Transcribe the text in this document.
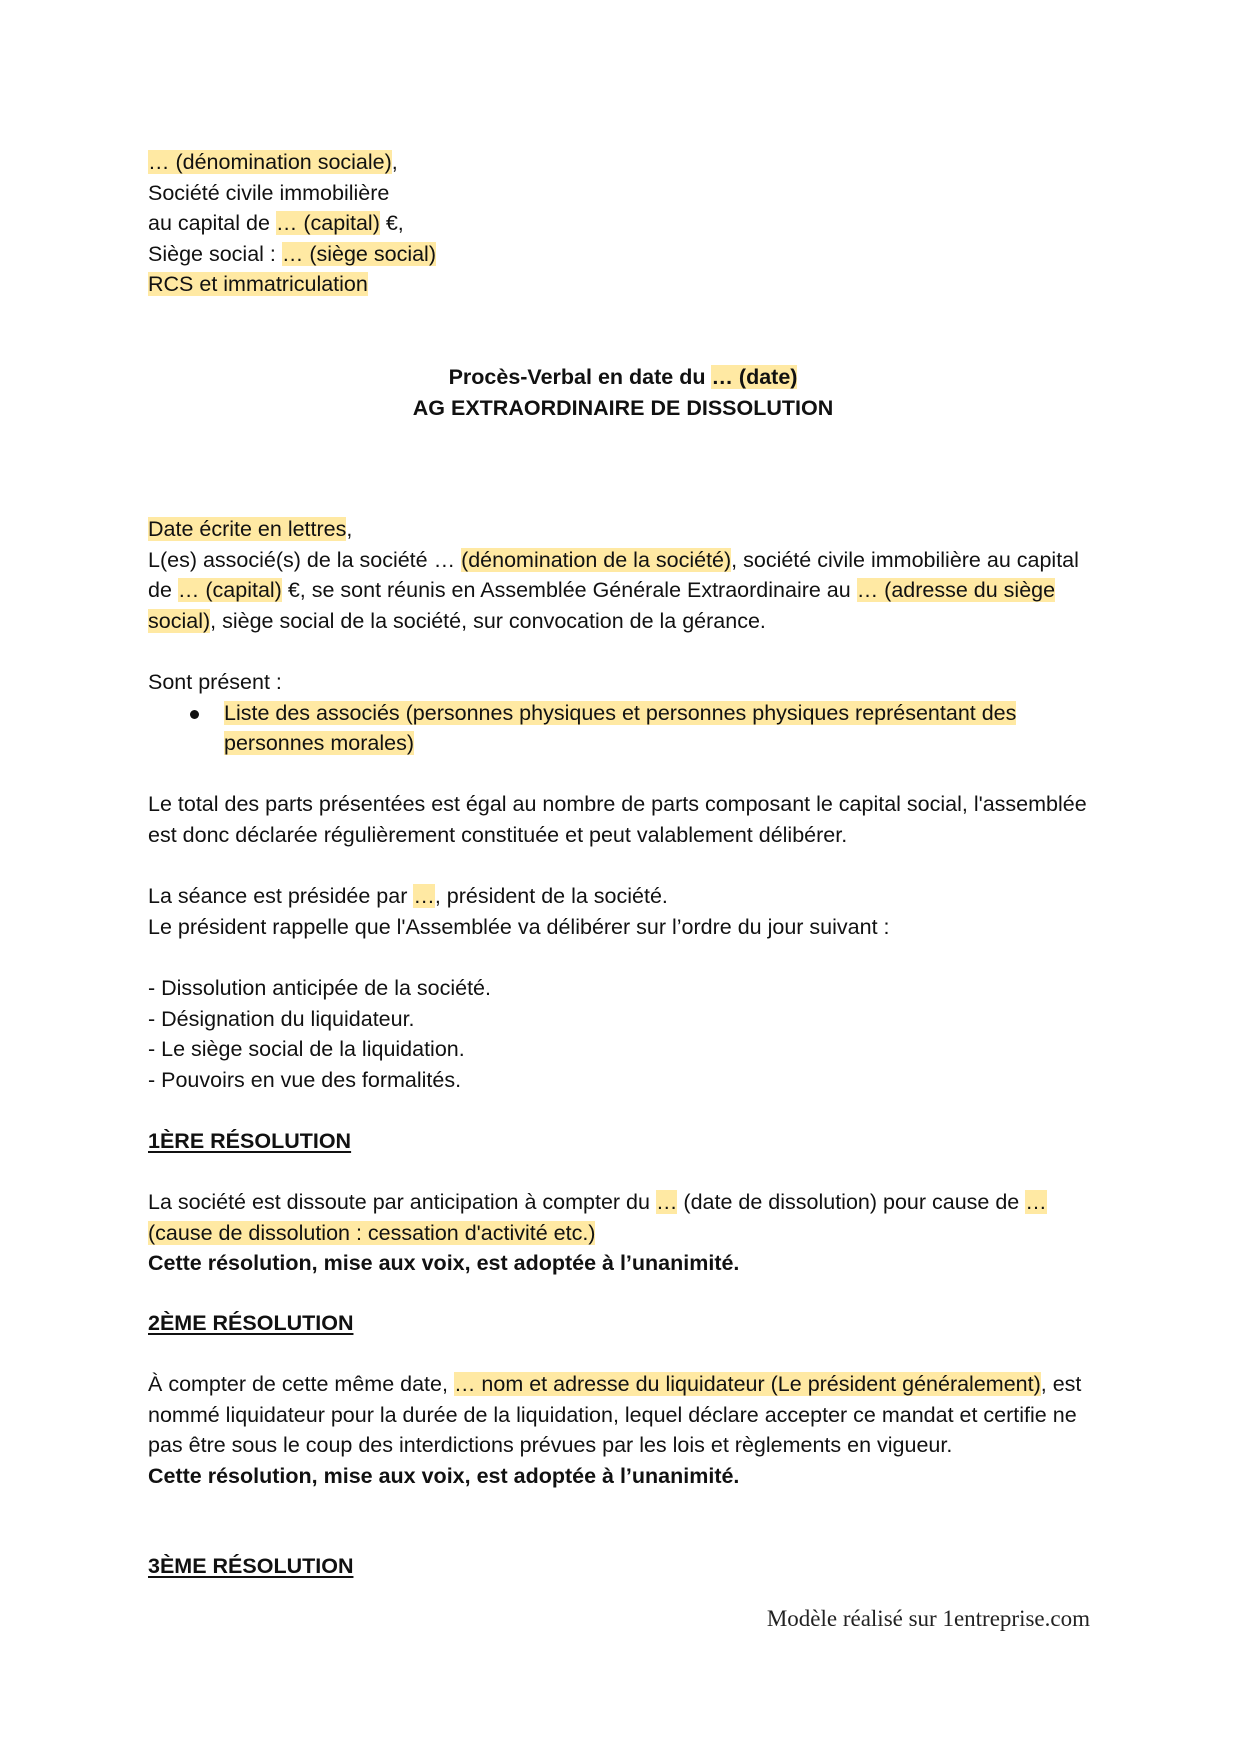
… (dénomination sociale),

Société civile immobilière

au capital de … (capital) €,

Siège social : … (siège social)

RCS et immatriculation

Procès-Verbal en date du … (date)

AG EXTRAORDINAIRE DE DISSOLUTION

Date écrite en lettres,

L(es) associé(s) de la société … (dénomination de la société), société civile immobilière au capital de … (capital) €, se sont réunis en Assemblée Générale Extraordinaire au … (adresse du siège social), siège social de la société, sur convocation de la gérance.

Sont présent :

Liste des associés (personnes physiques et personnes physiques représentant des personnes morales)

Le total des parts présentées est égal au nombre de parts composant le capital social, l'assemblée est donc déclarée régulièrement constituée et peut valablement délibérer.

La séance est présidée par …, président de la société.

Le président rappelle que l'Assemblée va délibérer sur l’ordre du jour suivant :

- Dissolution anticipée de la société.

- Désignation du liquidateur.

- Le siège social de la liquidation.

- Pouvoirs en vue des formalités.

1ÈRE RÉSOLUTION

La société est dissoute par anticipation à compter du … (date de dissolution) pour cause de … (cause de dissolution : cessation d'activité etc.)

Cette résolution, mise aux voix, est adoptée à l’unanimité.

2ÈME RÉSOLUTION

À compter de cette même date, … nom et adresse du liquidateur (Le président généralement), est nommé liquidateur pour la durée de la liquidation, lequel déclare accepter ce mandat et certifie ne pas être sous le coup des interdictions prévues par les lois et règlements en vigueur.

Cette résolution, mise aux voix, est adoptée à l’unanimité.

3ÈME RÉSOLUTION
Modèle réalisé sur 1entreprise.com
